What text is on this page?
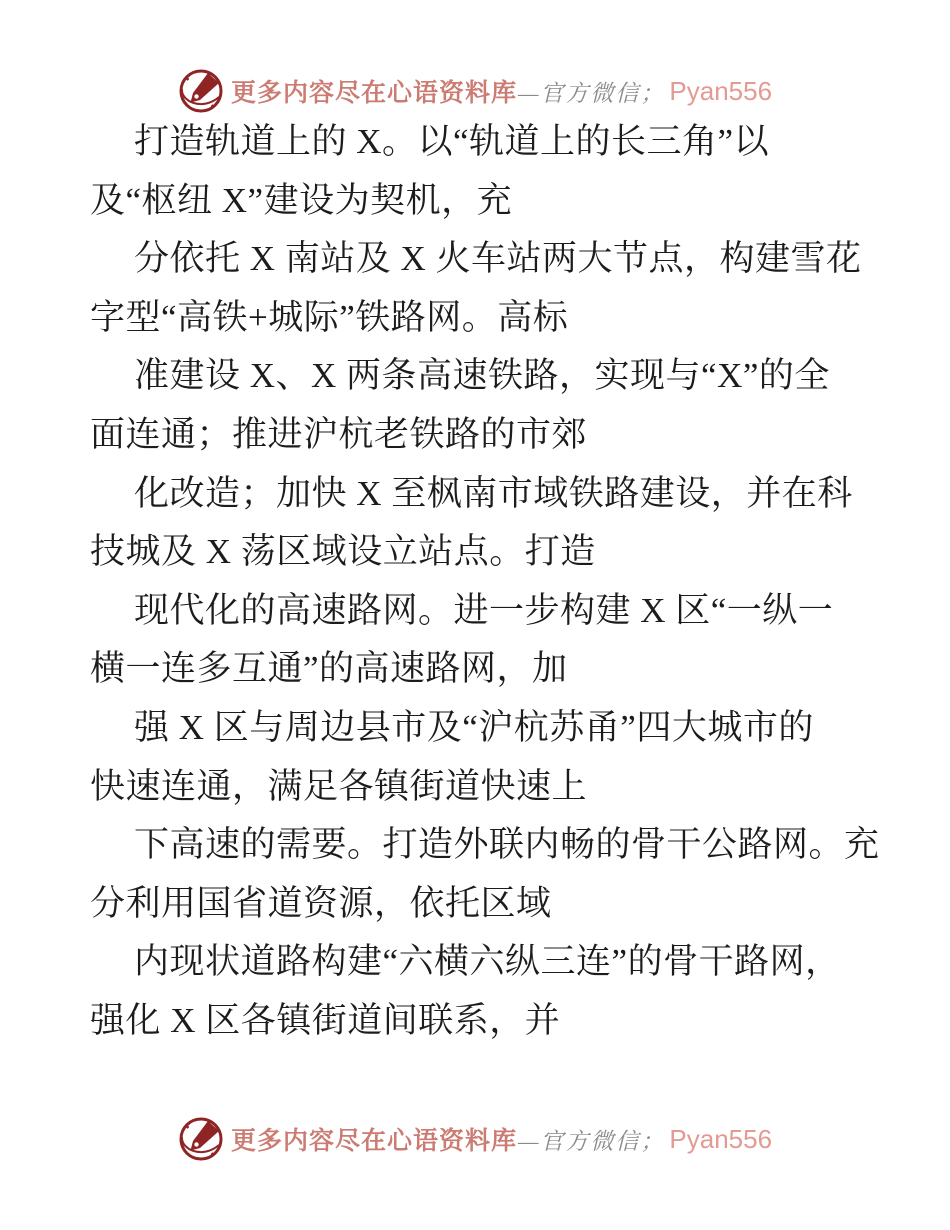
更多内容尽在心语资料库 —官方微信； Pyan556
打造轨道上的 X。以“轨道上的长三角”以
及“枢纽 X”建设为契机，充
分依托 X 南站及 X 火车站两大节点，构建雪花
字型“高铁+城际”铁路网。高标
准建设 X、X 两条高速铁路，实现与“X”的全
面连通；推进沪杭老铁路的市郊
化改造；加快 X 至枫南市域铁路建设，并在科
技城及 X 荡区域设立站点。打造
现代化的高速路网。进一步构建 X 区“一纵一
横一连多互通”的高速路网，加
强 X 区与周边县市及“沪杭苏甬”四大城市的
快速连通，满足各镇街道快速上
下高速的需要。打造外联内畅的骨干公路网。充
分利用国省道资源，依托区域
内现状道路构建“六横六纵三连”的骨干路网，
强化 X 区各镇街道间联系，并
更多内容尽在心语资料库 —官方微信； Pyan556
